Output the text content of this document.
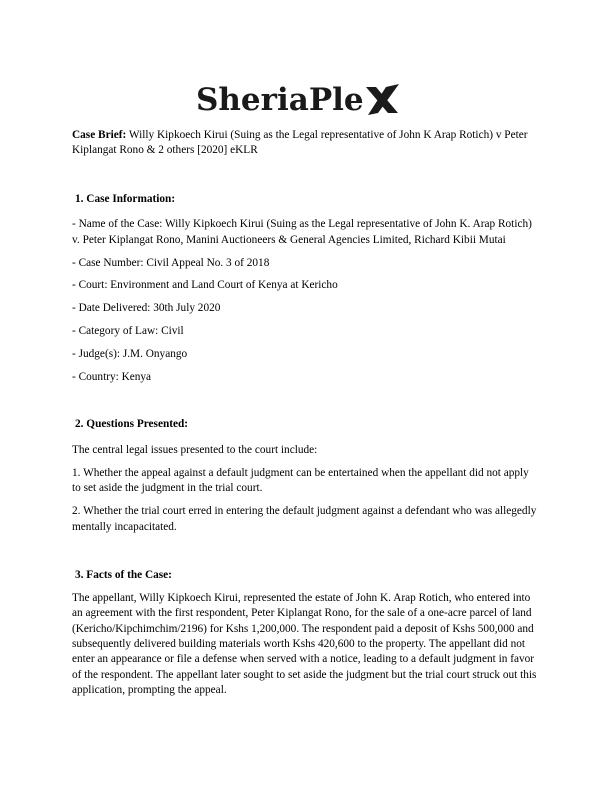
SheriaPle

Case Brief: Willy Kipkoech Kirui (Suing as the Legal representative of John K Arap Rotich) v Peter Kiplangat Rono & 2 others [2020] eKLR

1. Case Information:

- Name of the Case: Willy Kipkoech Kirui (Suing as the Legal representative of John K. Arap Rotich) v. Peter Kiplangat Rono, Manini Auctioneers & General Agencies Limited, Richard Kibii Mutai

- Case Number: Civil Appeal No. 3 of 2018

- Court: Environment and Land Court of Kenya at Kericho

- Date Delivered: 30th July 2020

- Category of Law: Civil

- Judge(s): J.M. Onyango

- Country: Kenya

2. Questions Presented:

The central legal issues presented to the court include:

1. Whether the appeal against a default judgment can be entertained when the appellant did not apply to set aside the judgment in the trial court.

2. Whether the trial court erred in entering the default judgment against a defendant who was allegedly mentally incapacitated.

3. Facts of the Case:

The appellant, Willy Kipkoech Kirui, represented the estate of John K. Arap Rotich, who entered into an agreement with the first respondent, Peter Kiplangat Rono, for the sale of a one-acre parcel of land (Kericho/Kipchimchim/2196) for Kshs 1,200,000. The respondent paid a deposit of Kshs 500,000 and subsequently delivered building materials worth Kshs 420,600 to the property. The appellant did not enter an appearance or file a defense when served with a notice, leading to a default judgment in favor of the respondent. The appellant later sought to set aside the judgment but the trial court struck out this application, prompting the appeal.
